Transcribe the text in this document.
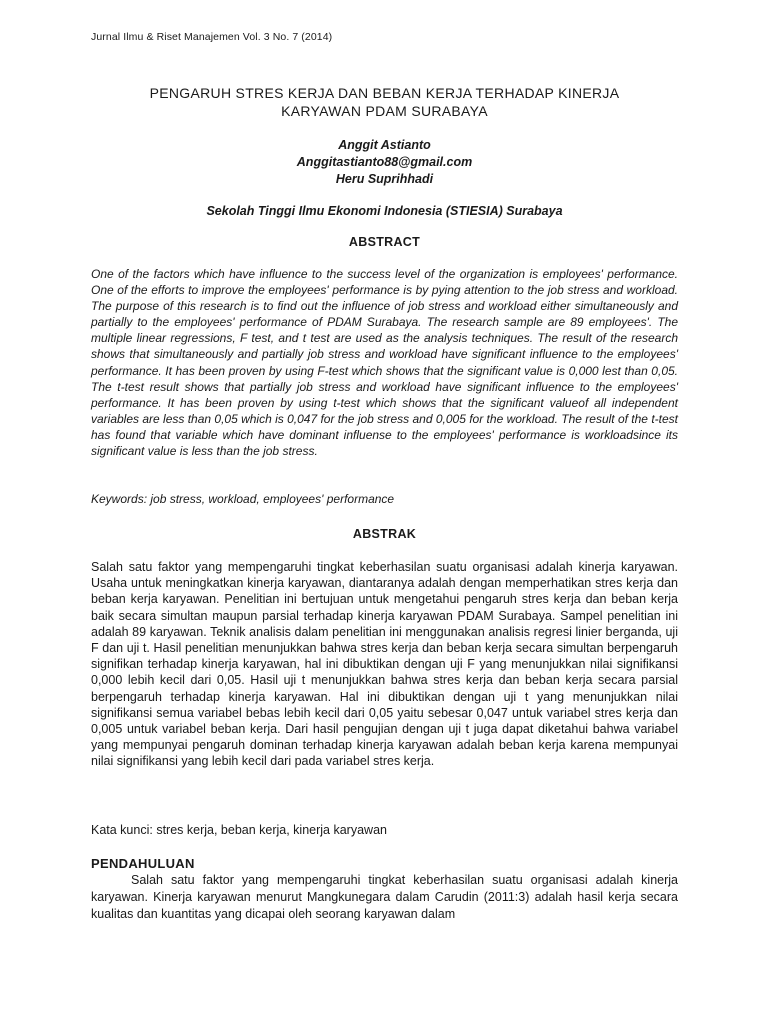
Jurnal Ilmu & Riset Manajemen Vol. 3 No. 7 (2014)
PENGARUH STRES KERJA DAN BEBAN KERJA TERHADAP KINERJA
KARYAWAN PDAM SURABAYA
Anggit Astianto
Anggitastianto88@gmail.com
Heru Suprihhadi
Sekolah Tinggi Ilmu Ekonomi Indonesia (STIESIA) Surabaya
ABSTRACT
One of the factors which have influence to the success level of the organization is employees' performance. One of the efforts to improve the employees' performance is by pying attention to the job stress and workload. The purpose of this research is to find out the influence of job stress and workload either simultaneously and partially to the employees' performance of PDAM Surabaya. The research sample are 89 employees'. The multiple linear regressions, F test, and t test are used as the analysis techniques. The result of the research shows that simultaneously and partially job stress and workload have significant influence to the employees' performance. It has been proven by using F-test which shows that the significant value is 0,000 lest than 0,05. The t-test result shows that partially job stress and workload have significant influence to the employees' performance. It has been proven by using t-test which shows that the significant valueof all independent variables are less than 0,05 which is 0,047 for the job stress and 0,005 for the workload. The result of the t-test has found that variable which have dominant influense to the employees' performance is workloadsince its significant value is less than the job stress.
Keywords: job stress, workload, employees' performance
ABSTRAK
Salah satu faktor yang mempengaruhi tingkat keberhasilan suatu organisasi adalah kinerja karyawan. Usaha untuk meningkatkan kinerja karyawan, diantaranya adalah dengan memperhatikan stres kerja dan beban kerja karyawan. Penelitian ini bertujuan untuk mengetahui pengaruh stres kerja dan beban kerja baik secara simultan maupun parsial terhadap kinerja karyawan PDAM Surabaya. Sampel penelitian ini adalah 89 karyawan. Teknik analisis dalam penelitian ini menggunakan analisis regresi linier berganda, uji F dan uji t. Hasil penelitian menunjukkan bahwa stres kerja dan beban kerja secara simultan berpengaruh signifikan terhadap kinerja karyawan, hal ini dibuktikan dengan uji F yang menunjukkan nilai signifikansi 0,000 lebih kecil dari 0,05. Hasil uji t menunjukkan bahwa stres kerja dan beban kerja secara parsial berpengaruh terhadap kinerja karyawan. Hal ini dibuktikan dengan uji t yang menunjukkan nilai signifikansi semua variabel bebas lebih kecil dari 0,05 yaitu sebesar 0,047 untuk variabel stres kerja dan 0,005 untuk variabel beban kerja. Dari hasil pengujian dengan uji t juga dapat diketahui bahwa variabel yang mempunyai pengaruh dominan terhadap kinerja karyawan adalah beban kerja karena mempunyai nilai signifikansi yang lebih kecil dari pada variabel stres kerja.
Kata kunci: stres kerja, beban kerja, kinerja karyawan
PENDAHULUAN
Salah satu faktor yang mempengaruhi tingkat keberhasilan suatu organisasi adalah kinerja karyawan. Kinerja karyawan menurut Mangkunegara dalam Carudin (2011:3) adalah hasil kerja secara kualitas dan kuantitas yang dicapai oleh seorang karyawan dalam
